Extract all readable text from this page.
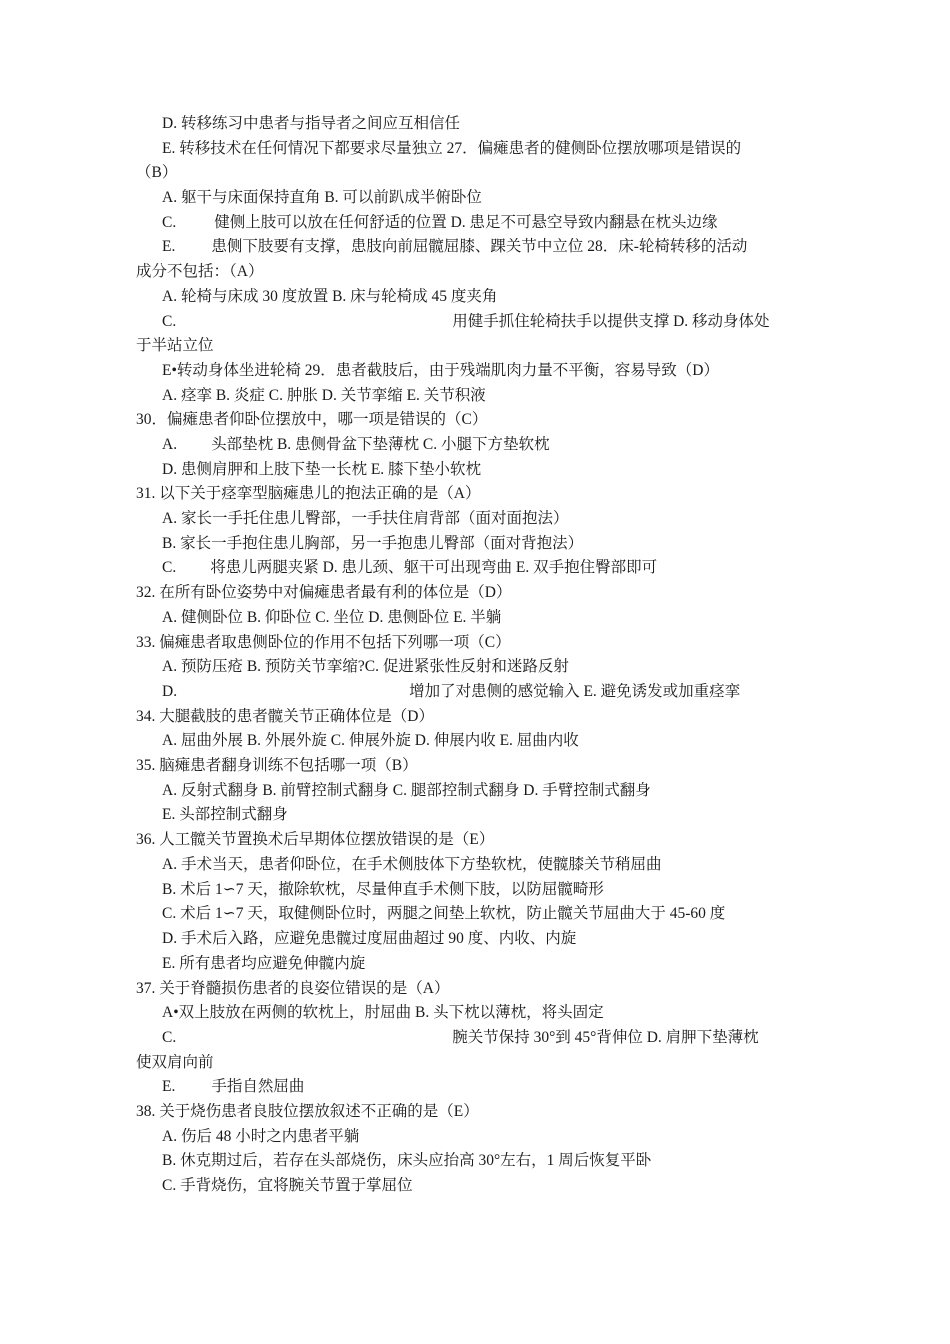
D. 转移练习中患者与指导者之间应互相信任
E. 转移技术在任何情况下都要求尽量独立 27．偏瘫患者的健侧卧位摆放哪项是错误的
（B）
A. 躯干与床面保持直角 B. 可以前趴成半俯卧位
C. 健侧上肢可以放在任何舒适的位置 D. 患足不可悬空导致内翻悬在枕头边缘
E. 患侧下肢要有支撑，患肢向前屈髋屈膝、踝关节中立位 28．床-轮椅转移的活动
成分不包括：（A）
A. 轮椅与床成 30 度放置 B. 床与轮椅成 45 度夹角
C.	用健手抓住轮椅扶手以提供支撑 D. 移动身体处
于半站立位
E•转动身体坐进轮椅 29．患者截肢后，由于残端肌肉力量不平衡，容易导致（D）
A. 痉挛 B. 炎症 C. 肿胀 D. 关节挛缩 E. 关节积液
30．偏瘫患者仰卧位摆放中，哪一项是错误的（C）
A. 头部垫枕 B. 患侧骨盆下垫薄枕 C. 小腿下方垫软枕
D. 患侧肩胛和上肢下垫一长枕 E. 膝下垫小软枕
31. 以下关于痉挛型脑瘫患儿的抱法正确的是（A）
A. 家长一手托住患儿臀部，一手扶住肩背部（面对面抱法）
B. 家长一手抱住患儿胸部，另一手抱患儿臀部（面对背抱法）
C. 将患儿两腿夹紧 D. 患儿颈、躯干可出现弯曲 E. 双手抱住臀部即可
32. 在所有卧位姿势中对偏瘫患者最有利的体位是（D）
A. 健侧卧位 B. 仰卧位 C. 坐位 D. 患侧卧位 E. 半躺
33. 偏瘫患者取患侧卧位的作用不包括下列哪一项（C）
A. 预防压疮 B. 预防关节挛缩?C. 促进紧张性反射和迷路反射
D.	增加了对患侧的感觉输入 E. 避免诱发或加重痉挛
34. 大腿截肢的患者髋关节正确体位是（D）
A. 屈曲外展 B. 外展外旋 C. 伸展外旋 D. 伸展内收 E. 屈曲内收
35. 脑瘫患者翻身训练不包括哪一项（B）
A. 反射式翻身 B. 前臂控制式翻身 C. 腿部控制式翻身 D. 手臂控制式翻身
E. 头部控制式翻身
36. 人工髋关节置换术后早期体位摆放错误的是（E）
A. 手术当天，患者仰卧位，在手术侧肢体下方垫软枕，使髋膝关节稍屈曲
B. 术后 1∽7 天，撤除软枕，尽量伸直手术侧下肢，以防屈髋畸形
C. 术后 1∽7 天，取健侧卧位时，两腿之间垫上软枕，防止髋关节屈曲大于 45-60 度
D. 手术后入路，应避免患髋过度屈曲超过 90 度、内收、内旋
E. 所有患者均应避免伸髋内旋
37. 关于脊髓损伤患者的良姿位错误的是（A）
A•双上肢放在两侧的软枕上，肘屈曲 B. 头下枕以薄枕，将头固定
C.	腕关节保持 30°到 45°背伸位 D. 肩胛下垫薄枕
使双肩向前
E. 手指自然屈曲
38. 关于烧伤患者良肢位摆放叙述不正确的是（E）
A. 伤后 48 小时之内患者平躺
B. 休克期过后，若存在头部烧伤，床头应抬高 30°左右，1 周后恢复平卧
C. 手背烧伤，宜将腕关节置于掌屈位
